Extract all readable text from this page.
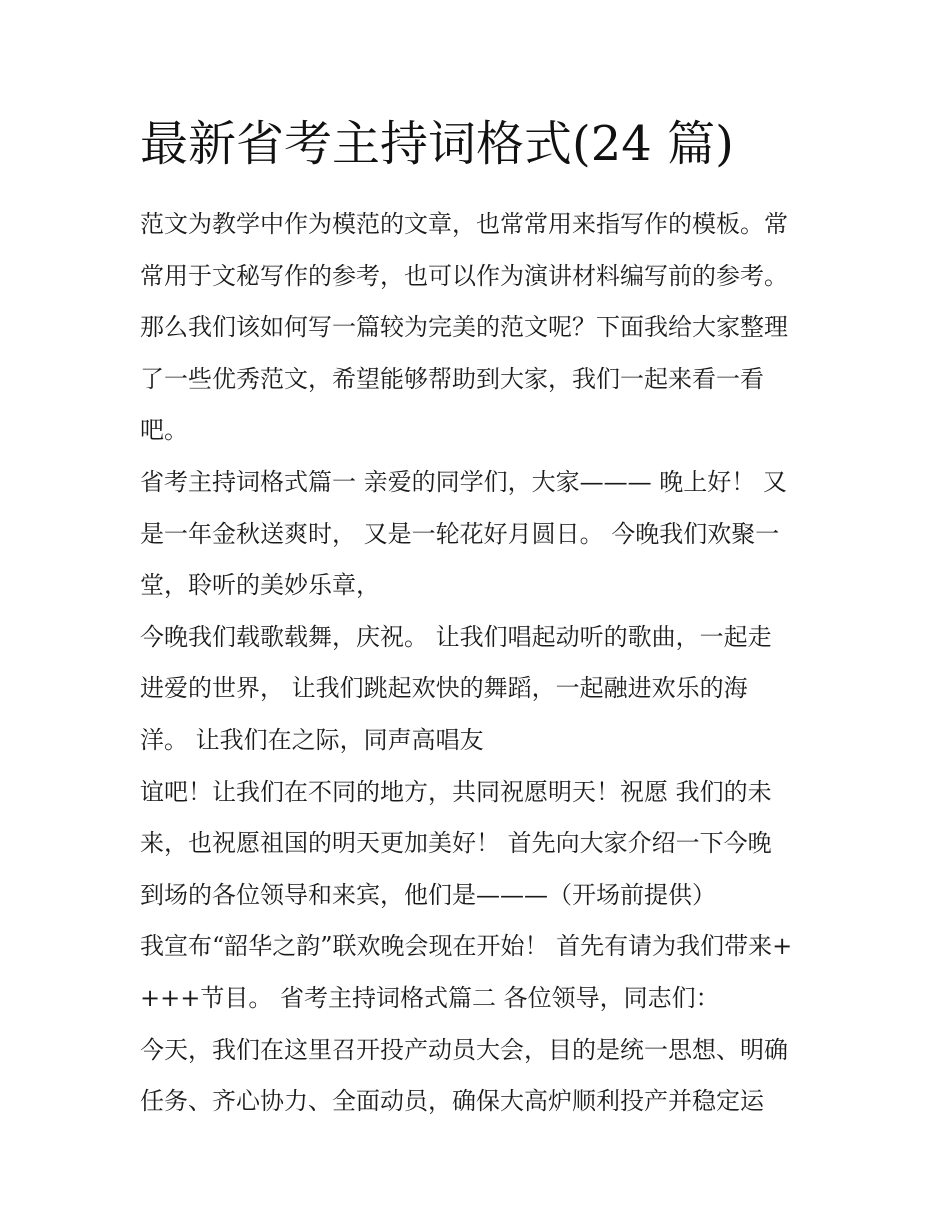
最新省考主持词格式(24 篇)
范文为教学中作为模范的文章，也常常用来指写作的模板。常
常用于文秘写作的参考，也可以作为演讲材料编写前的参考。
那么我们该如何写一篇较为完美的范文呢？下面我给大家整理
了一些优秀范文，希望能够帮助到大家，我们一起来看一看
吧。
省考主持词格式篇一 亲爱的同学们，大家——— 晚上好！ 又
是一年金秋送爽时， 又是一轮花好月圆日。 今晚我们欢聚一
堂，聆听的美妙乐章，
今晚我们载歌载舞，庆祝。 让我们唱起动听的歌曲，一起走
进爱的世界， 让我们跳起欢快的舞蹈，一起融进欢乐的海
洋。 让我们在之际，同声高唱友
谊吧！让我们在不同的地方，共同祝愿明天！祝愿 我们的未
来，也祝愿祖国的明天更加美好！ 首先向大家介绍一下今晚
到场的各位领导和来宾，他们是———（开场前提供）
我宣布“韶华之韵”联欢晚会现在开始！ 首先有请为我们带来+
+++节目。 省考主持词格式篇二 各位领导，同志们：
今天，我们在这里召开投产动员大会，目的是统一思想、明确
任务、齐心协力、全面动员，确保大高炉顺利投产并稳定运
